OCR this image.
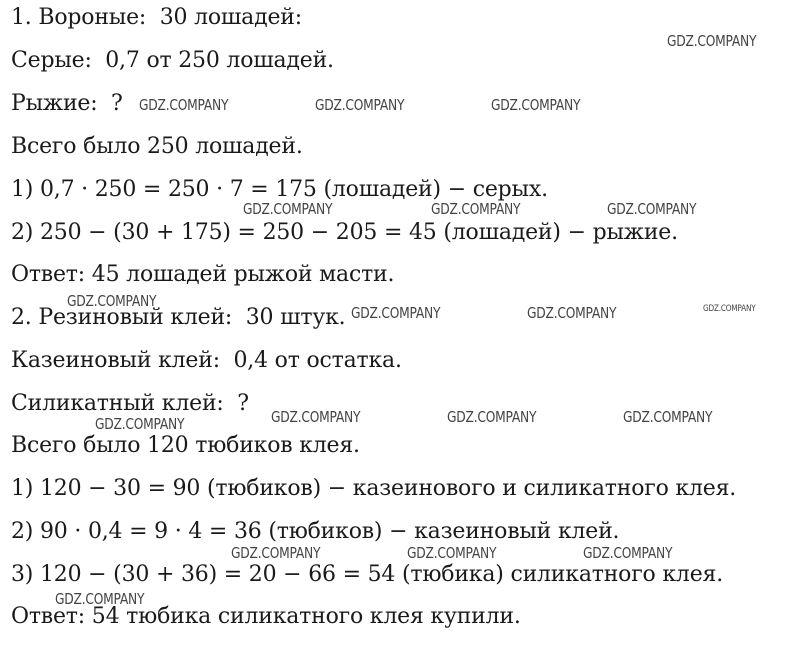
1. Вороные:  30 лошадей:

Серые:  0,7 от 250 лошадей.

Рыжие:  ?

Всего было 250 лошадей.

1) 0,7 · 250 = 250 · 7 = 175 (лошадей) − серых.

2) 250 − (30 + 175) = 250 − 205 = 45 (лошадей) − рыжие.

Ответ: 45 лошадей рыжой масти.

2. Резиновый клей:  30 штук.

Казеиновый клей:  0,4 от остатка.

Силикатный клей:  ?

Всего было 120 тюбиков клея.

1) 120 − 30 = 90 (тюбиков) − казеинового и силикатного клея.

2) 90 · 0,4 = 9 · 4 = 36 (тюбиков) − казеиновый клей.

3) 120 − (30 + 36) = 20 − 66 = 54 (тюбика) силикатного клея.

Ответ: 54 тюбика силикатного клея купили.

GDZ.COMPANY
GDZ.COMPANY	GDZ.COMPANY	GDZ.COMPANY
GDZ.COMPANY	GDZ.COMPANY	GDZ.COMPANY
GDZ.COMPANY
GDZ.COMPANY	GDZ.COMPANY	GDZ.COMPANY
GDZ.COMPANY	GDZ.COMPANY	GDZ.COMPANY
GDZ.COMPANY
GDZ.COMPANY	GDZ.COMPANY	GDZ.COMPANY
GDZ.COMPANY
